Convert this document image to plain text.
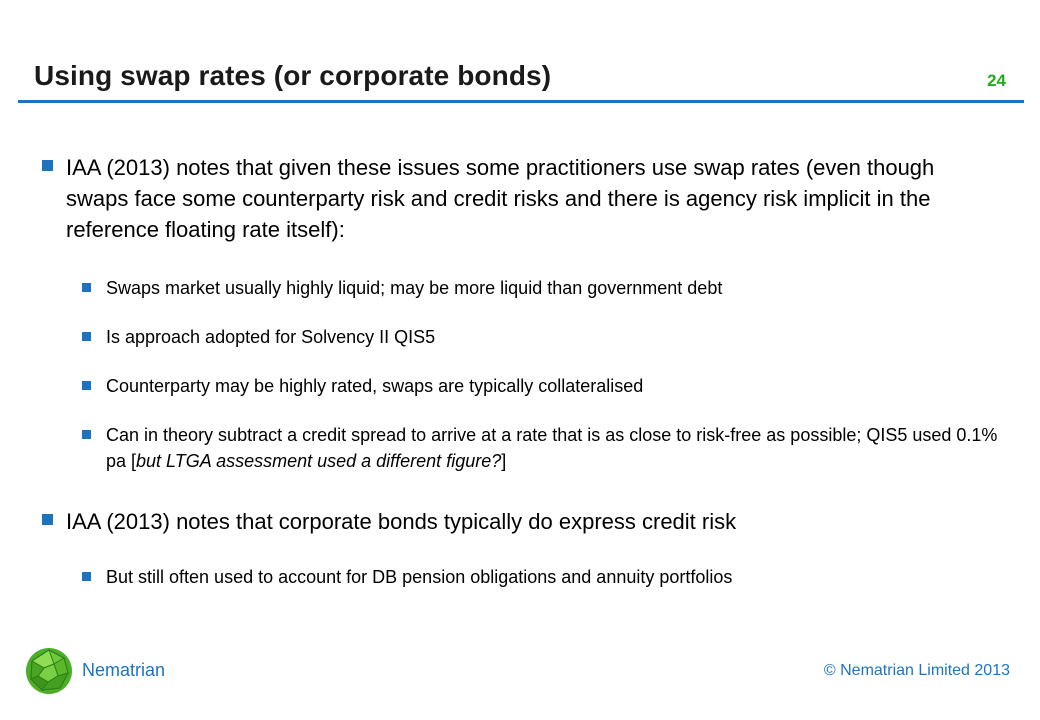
Using swap rates (or corporate bonds)	24
IAA (2013) notes that given these issues some practitioners use swap rates (even though swaps face some counterparty risk and credit risks and there is agency risk implicit in the reference floating rate itself):
Swaps market usually highly liquid; may be more liquid than government debt
Is approach adopted for Solvency II QIS5
Counterparty may be highly rated, swaps are typically collateralised
Can in theory subtract a credit spread to arrive at a rate that is as close to risk-free as possible; QIS5 used 0.1% pa [but LTGA assessment used a different figure?]
IAA (2013) notes that corporate bonds typically do express credit risk
But still often used to account for DB pension obligations and annuity portfolios
Nematrian	© Nematrian Limited 2013
